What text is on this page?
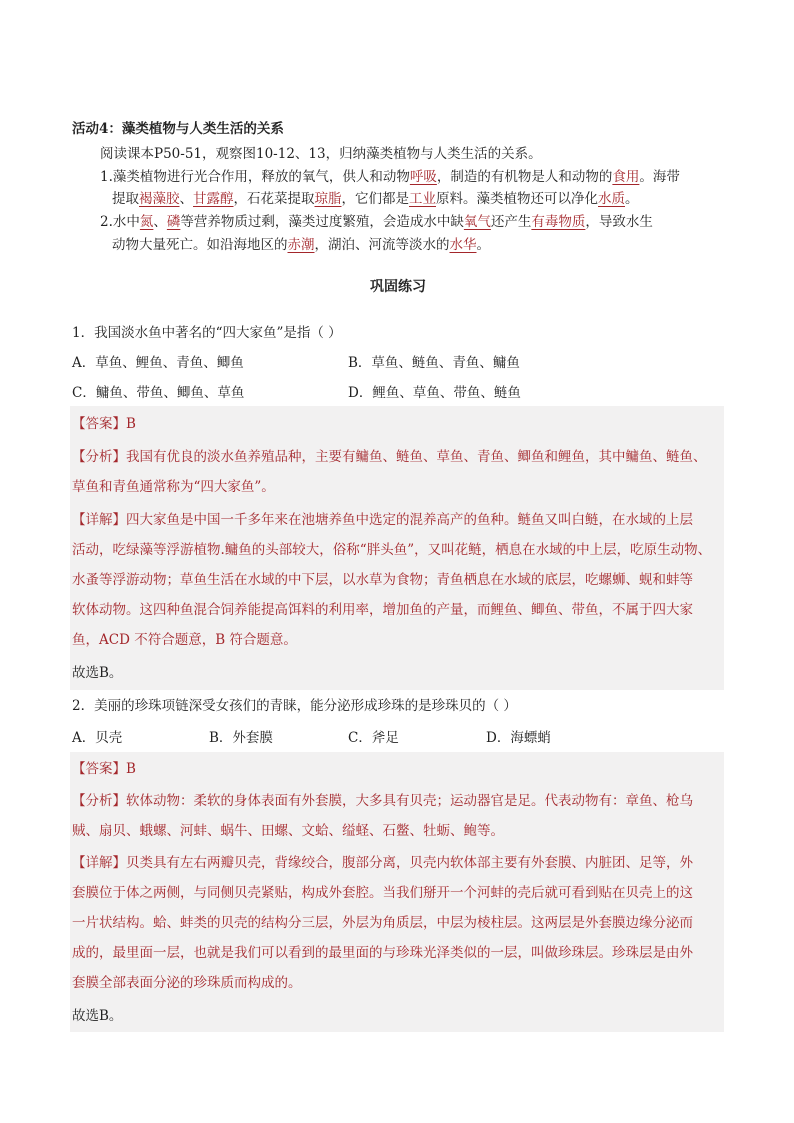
活动4：藻类植物与人类生活的关系
阅读课本P50-51，观察图10-12、13，归纳藻类植物与人类生活的关系。
1.藻类植物进行光合作用，释放的氧气，供人和动物呼吸，制造的有机物是人和动物的食用。海带
提取褐藻胶、甘露醇，石花菜提取琼脂，它们都是工业原料。藻类植物还可以净化水质。
2.水中氮、磷等营养物质过剩，藻类过度繁殖，会造成水中缺氧气还产生有毒物质，导致水生
动物大量死亡。如沿海地区的赤潮，湖泊、河流等淡水的水华。
巩固练习
1．我国淡水鱼中著名的“四大家鱼”是指（ ）
A．草鱼、鲤鱼、青鱼、鲫鱼	B．草鱼、鲢鱼、青鱼、鳙鱼
C．鳙鱼、带鱼、鲫鱼、草鱼	D．鲤鱼、草鱼、带鱼、鲢鱼
【答案】B
【分析】我国有优良的淡水鱼养殖品种，主要有鳙鱼、鲢鱼、草鱼、青鱼、鲫鱼和鲤鱼，其中鳙鱼、鲢鱼、
草鱼和青鱼通常称为“四大家鱼”。
【详解】四大家鱼是中国一千多年来在池塘养鱼中选定的混养高产的鱼种。鲢鱼又叫白鲢，在水域的上层
活动，吃绿藻等浮游植物.鳙鱼的头部较大，俗称“胖头鱼”，又叫花鲢，栖息在水域的中上层，吃原生动物、
水蚤等浮游动物；草鱼生活在水域的中下层，以水草为食物；青鱼栖息在水域的底层，吃螺蛳、蚬和蚌等
软体动物。这四种鱼混合饲养能提高饵料的利用率，增加鱼的产量，而鲤鱼、鲫鱼、带鱼，不属于四大家
鱼，ACD 不符合题意，B 符合题意。
故选B。
2．美丽的珍珠项链深受女孩们的青睐，能分泌形成珍珠的是珍珠贝的（ ）
A．贝壳	B．外套膜	C．斧足	D．海螵蛸
【答案】B
【分析】软体动物：柔软的身体表面有外套膜，大多具有贝壳；运动器官是足。代表动物有：章鱼、枪乌
贼、扇贝、蛾螺、河蚌、蜗牛、田螺、文蛤、缢蛏、石鳖、牡蛎、鲍等。
【详解】贝类具有左右两瓣贝壳，背缘绞合，腹部分离，贝壳内软体部主要有外套膜、内脏团、足等，外
套膜位于体之两侧，与同侧贝壳紧贴，构成外套腔。当我们掰开一个河蚌的壳后就可看到贴在贝壳上的这
一片状结构。蛤、蚌类的贝壳的结构分三层，外层为角质层，中层为棱柱层。这两层是外套膜边缘分泌而
成的，最里面一层，也就是我们可以看到的最里面的与珍珠光泽类似的一层，叫做珍珠层。珍珠层是由外
套膜全部表面分泌的珍珠质而构成的。
故选B。
